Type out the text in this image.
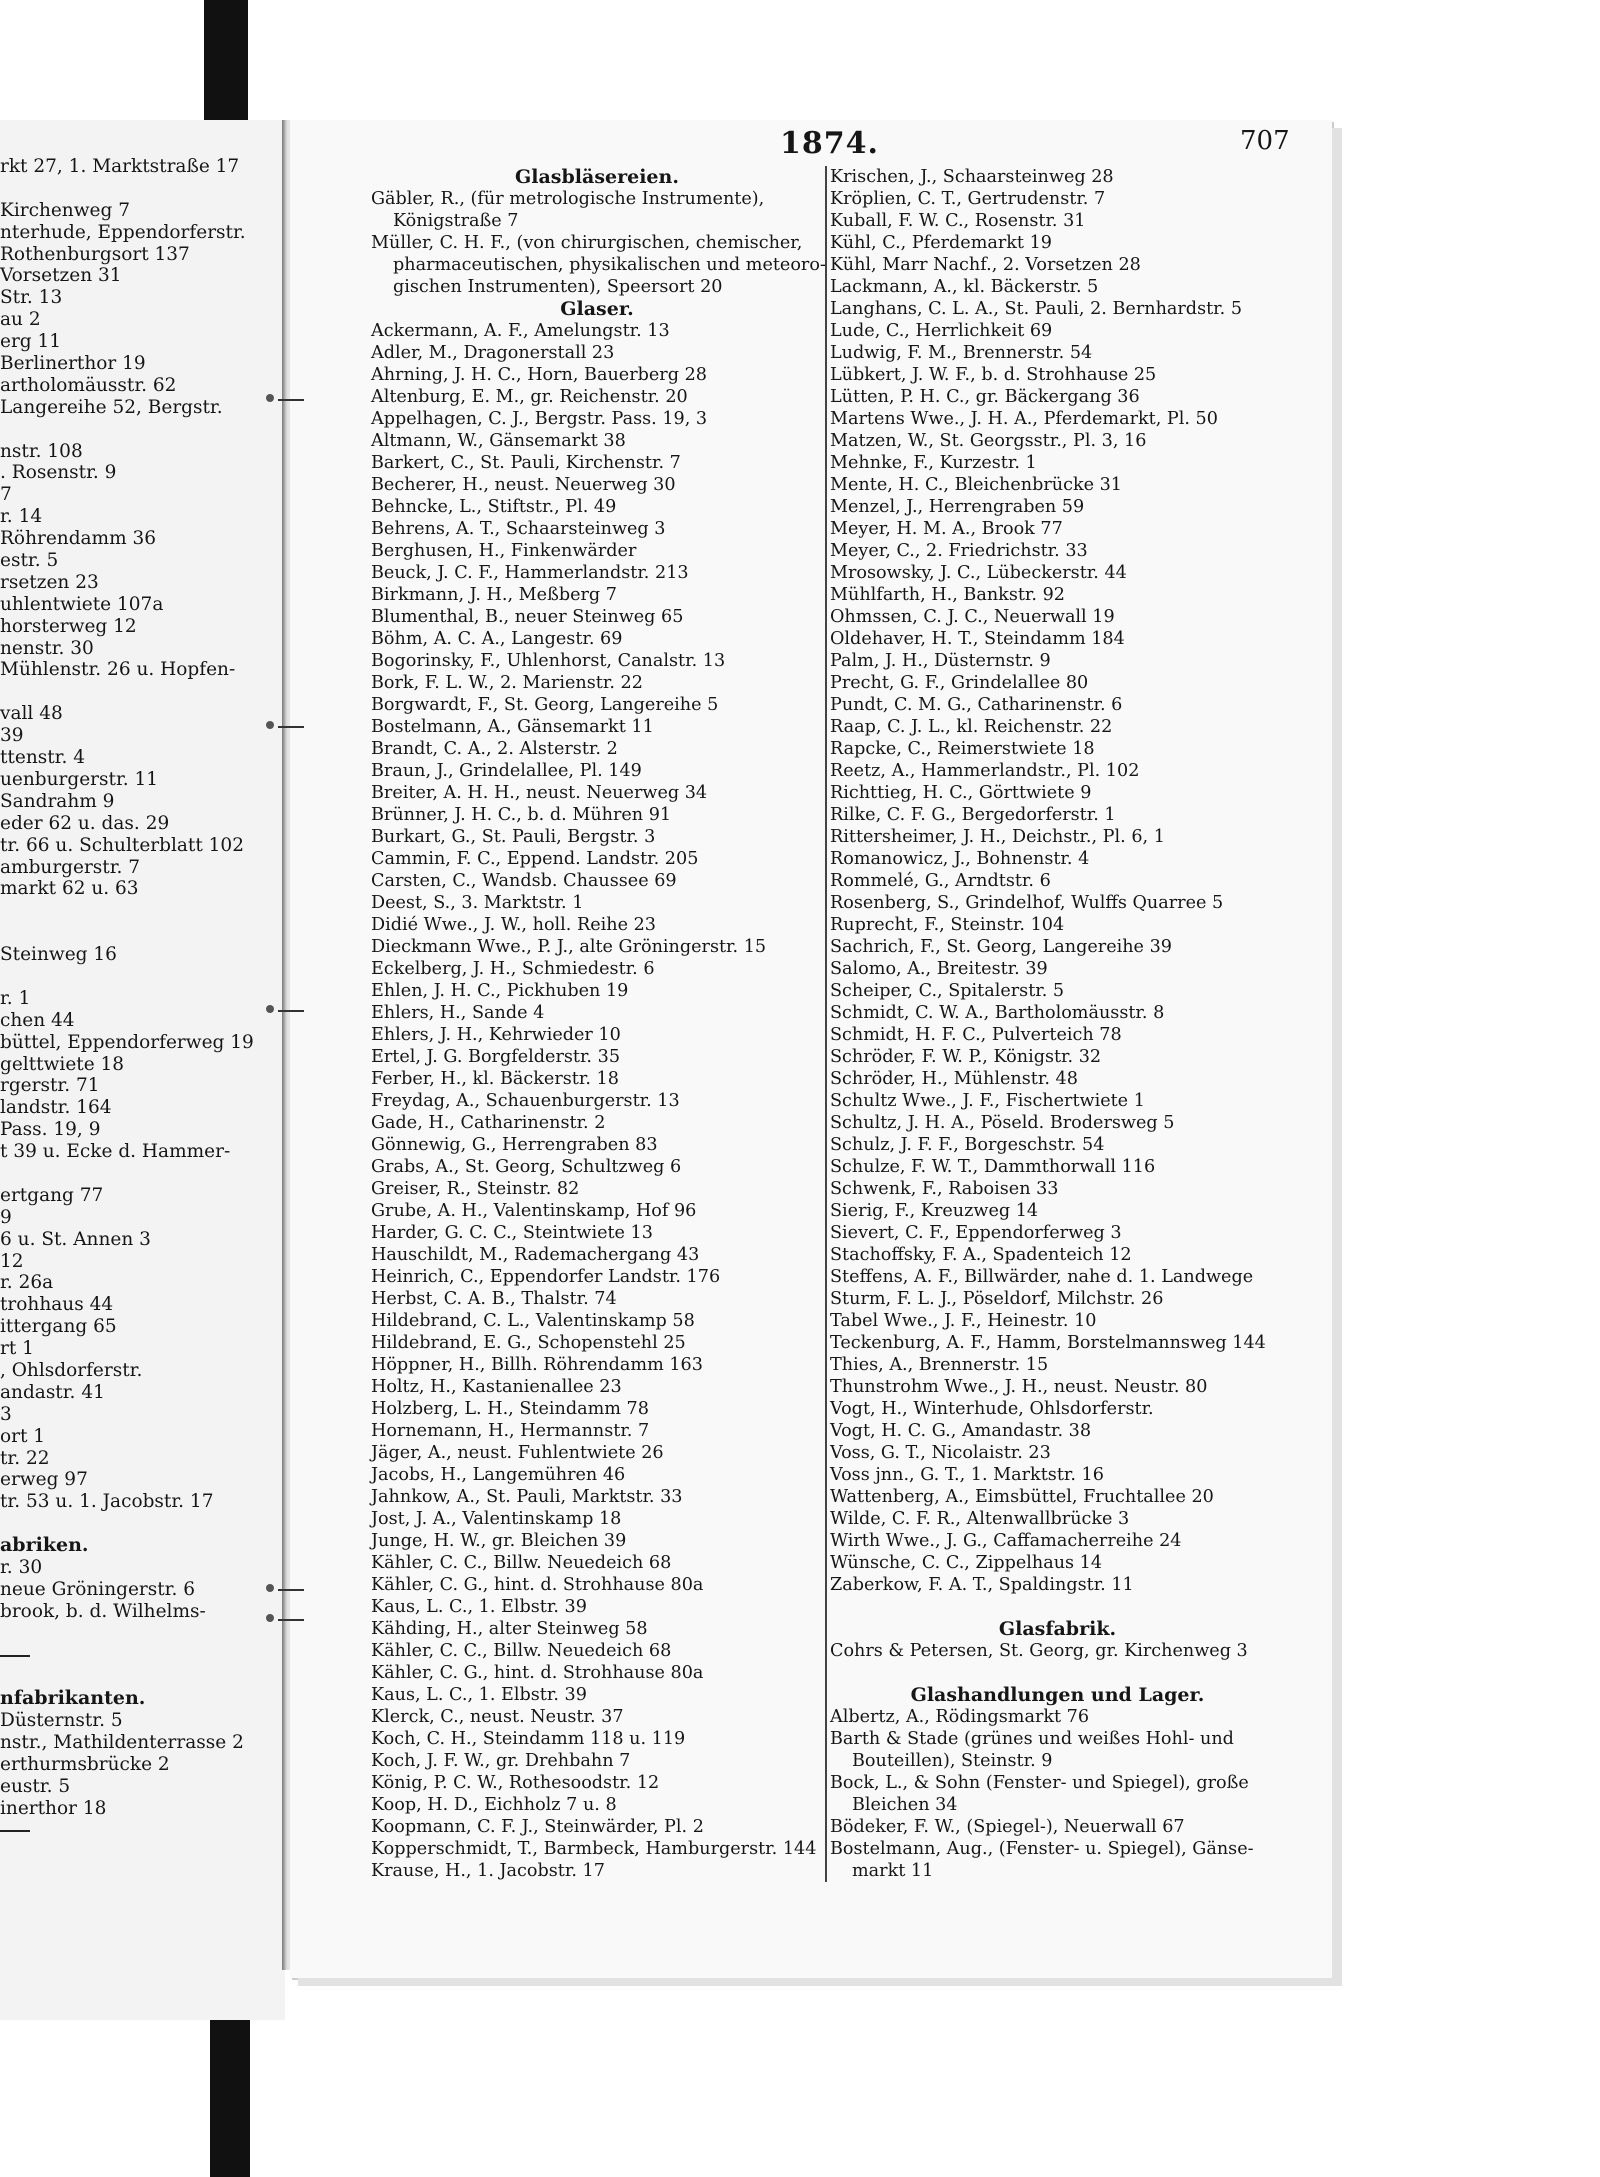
rkt 27, 1. Marktstraße 17
Kirchenweg 7
nterhude, Eppendorferstr.
Rothenburgsort 137
Vorsetzen 31
Str. 13
au 2
erg 11
Berlinerthor 19
artholomäusstr. 62
Langereihe 52, Bergstr.
nstr. 108
. Rosenstr. 9
7
r. 14
Röhrendamm 36
estr. 5
rsetzen 23
uhlentwiete 107a
horsterweg 12
nenstr. 30
Mühlenstr. 26 u. Hopfen-
vall 48
39
ttenstr. 4
uenburgerstr. 11
Sandrahm 9
eder 62 u. das. 29
tr. 66 u. Schulterblatt 102
amburgerstr. 7
markt 62 u. 63
Steinweg 16
r. 1
chen 44
büttel, Eppendorferweg 19
gelttwiete 18
rgerstr. 71
landstr. 164
Pass. 19, 9
t 39 u. Ecke d. Hammer-
ertgang 77
9
6 u. St. Annen 3
12
r. 26a
trohhaus 44
ittergang 65
rt 1
, Ohlsdorferstr.
andastr. 41
3
ort 1
tr. 22
erweg 97
tr. 53 u. 1. Jacobstr. 17
abriken.
r. 30
neue Gröningerstr. 6
brook, b. d. Wilhelms-
nfabrikanten.
Düsternstr. 5
nstr., Mathildenterrasse 2
erthurmsbrücke 2
eustr. 5
inerthor 18
1874.	707
Glasbläsereien.
Gäbler, R., (für metrologische Instrumente),
Königstraße 7
Müller, C. H. F., (von chirurgischen, chemischer,
pharmaceutischen, physikalischen und meteoro-
gischen Instrumenten), Speersort 20
Glaser.
Ackermann, A. F., Amelungstr. 13
Adler, M., Dragonerstall 23
Ahrning, J. H. C., Horn, Bauerberg 28
Altenburg, E. M., gr. Reichenstr. 20
Appelhagen, C. J., Bergstr. Pass. 19, 3
Altmann, W., Gänsemarkt 38
Barkert, C., St. Pauli, Kirchenstr. 7
Becherer, H., neust. Neuerweg 30
Behncke, L., Stiftstr., Pl. 49
Behrens, A. T., Schaarsteinweg 3
Berghusen, H., Finkenwärder
Beuck, J. C. F., Hammerlandstr. 213
Birkmann, J. H., Meßberg 7
Blumenthal, B., neuer Steinweg 65
Böhm, A. C. A., Langestr. 69
Bogorinsky, F., Uhlenhorst, Canalstr. 13
Bork, F. L. W., 2. Marienstr. 22
Borgwardt, F., St. Georg, Langereihe 5
Bostelmann, A., Gänsemarkt 11
Brandt, C. A., 2. Alsterstr. 2
Braun, J., Grindelallee, Pl. 149
Breiter, A. H. H., neust. Neuerweg 34
Brünner, J. H. C., b. d. Mühren 91
Burkart, G., St. Pauli, Bergstr. 3
Cammin, F. C., Eppend. Landstr. 205
Carsten, C., Wandsb. Chaussee 69
Deest, S., 3. Marktstr. 1
Didié Wwe., J. W., holl. Reihe 23
Dieckmann Wwe., P. J., alte Gröningerstr. 15
Eckelberg, J. H., Schmiedestr. 6
Ehlen, J. H. C., Pickhuben 19
Ehlers, H., Sande 4
Ehlers, J. H., Kehrwieder 10
Ertel, J. G. Borgfelderstr. 35
Ferber, H., kl. Bäckerstr. 18
Freydag, A., Schauenburgerstr. 13
Gade, H., Catharinenstr. 2
Gönnewig, G., Herrengraben 83
Grabs, A., St. Georg, Schultzweg 6
Greiser, R., Steinstr. 82
Grube, A. H., Valentinskamp, Hof 96
Harder, G. C. C., Steintwiete 13
Hauschildt, M., Rademachergang 43
Heinrich, C., Eppendorfer Landstr. 176
Herbst, C. A. B., Thalstr. 74
Hildebrand, C. L., Valentinskamp 58
Hildebrand, E. G., Schopenstehl 25
Höppner, H., Billh. Röhrendamm 163
Holtz, H., Kastanienallee 23
Holzberg, L. H., Steindamm 78
Hornemann, H., Hermannstr. 7
Jäger, A., neust. Fuhlentwiete 26
Jacobs, H., Langemühren 46
Jahnkow, A., St. Pauli, Marktstr. 33
Jost, J. A., Valentinskamp 18
Junge, H. W., gr. Bleichen 39
Kähler, C. C., Billw. Neuedeich 68
Kähler, C. G., hint. d. Strohhause 80a
Kaus, L. C., 1. Elbstr. 39
Kähding, H., alter Steinweg 58
Kähler, C. C., Billw. Neuedeich 68
Kähler, C. G., hint. d. Strohhause 80a
Kaus, L. C., 1. Elbstr. 39
Klerck, C., neust. Neustr. 37
Koch, C. H., Steindamm 118 u. 119
Koch, J. F. W., gr. Drehbahn 7
König, P. C. W., Rothesoodstr. 12
Koop, H. D., Eichholz 7 u. 8
Koopmann, C. F. J., Steinwärder, Pl. 2
Kopperschmidt, T., Barmbeck, Hamburgerstr. 144
Krause, H., 1. Jacobstr. 17
Krischen, J., Schaarsteinweg 28
Kröplien, C. T., Gertrudenstr. 7
Kuball, F. W. C., Rosenstr. 31
Kühl, C., Pferdemarkt 19
Kühl, Marr Nachf., 2. Vorsetzen 28
Lackmann, A., kl. Bäckerstr. 5
Langhans, C. L. A., St. Pauli, 2. Bernhardstr. 5
Lude, C., Herrlichkeit 69
Ludwig, F. M., Brennerstr. 54
Lübkert, J. W. F., b. d. Strohhause 25
Lütten, P. H. C., gr. Bäckergang 36
Martens Wwe., J. H. A., Pferdemarkt, Pl. 50
Matzen, W., St. Georgsstr., Pl. 3, 16
Mehnke, F., Kurzestr. 1
Mente, H. C., Bleichenbrücke 31
Menzel, J., Herrengraben 59
Meyer, H. M. A., Brook 77
Meyer, C., 2. Friedrichstr. 33
Mrosowsky, J. C., Lübeckerstr. 44
Mühlfarth, H., Bankstr. 92
Ohmssen, C. J. C., Neuerwall 19
Oldehaver, H. T., Steindamm 184
Palm, J. H., Düsternstr. 9
Precht, G. F., Grindelallee 80
Pundt, C. M. G., Catharinenstr. 6
Raap, C. J. L., kl. Reichenstr. 22
Rapcke, C., Reimerstwiete 18
Reetz, A., Hammerlandstr., Pl. 102
Richttieg, H. C., Görttwiete 9
Rilke, C. F. G., Bergedorferstr. 1
Rittersheimer, J. H., Deichstr., Pl. 6, 1
Romanowicz, J., Bohnenstr. 4
Rommelé, G., Arndtstr. 6
Rosenberg, S., Grindelhof, Wulffs Quarree 5
Ruprecht, F., Steinstr. 104
Sachrich, F., St. Georg, Langereihe 39
Salomo, A., Breitestr. 39
Scheiper, C., Spitalerstr. 5
Schmidt, C. W. A., Bartholomäusstr. 8
Schmidt, H. F. C., Pulverteich 78
Schröder, F. W. P., Königstr. 32
Schröder, H., Mühlenstr. 48
Schultz Wwe., J. F., Fischertwiete 1
Schultz, J. H. A., Pöseld. Brodersweg 5
Schulz, J. F. F., Borgeschstr. 54
Schulze, F. W. T., Dammthorwall 116
Schwenk, F., Raboisen 33
Sierig, F., Kreuzweg 14
Sievert, C. F., Eppendorferweg 3
Stachoffsky, F. A., Spadenteich 12
Steffens, A. F., Billwärder, nahe d. 1. Landwege
Sturm, F. L. J., Pöseldorf, Milchstr. 26
Tabel Wwe., J. F., Heinestr. 10
Teckenburg, A. F., Hamm, Borstelmannsweg 144
Thies, A., Brennerstr. 15
Thunstrohm Wwe., J. H., neust. Neustr. 80
Vogt, H., Winterhude, Ohlsdorferstr.
Vogt, H. C. G., Amandastr. 38
Voss, G. T., Nicolaistr. 23
Voss jnn., G. T., 1. Marktstr. 16
Wattenberg, A., Eimsbüttel, Fruchtallee 20
Wilde, C. F. R., Altenwallbrücke 3
Wirth Wwe., J. G., Caffamacherreihe 24
Wünsche, C. C., Zippelhaus 14
Zaberkow, F. A. T., Spaldingstr. 11
Glasfabrik.
Cohrs & Petersen, St. Georg, gr. Kirchenweg 3
Glashandlungen und Lager.
Albertz, A., Rödingsmarkt 76
Barth & Stade (grünes und weißes Hohl- und
Bouteillen), Steinstr. 9
Bock, L., & Sohn (Fenster- und Spiegel), große
Bleichen 34
Bödeker, F. W., (Spiegel-), Neuerwall 67
Bostelmann, Aug., (Fenster- u. Spiegel), Gänse-
markt 11
